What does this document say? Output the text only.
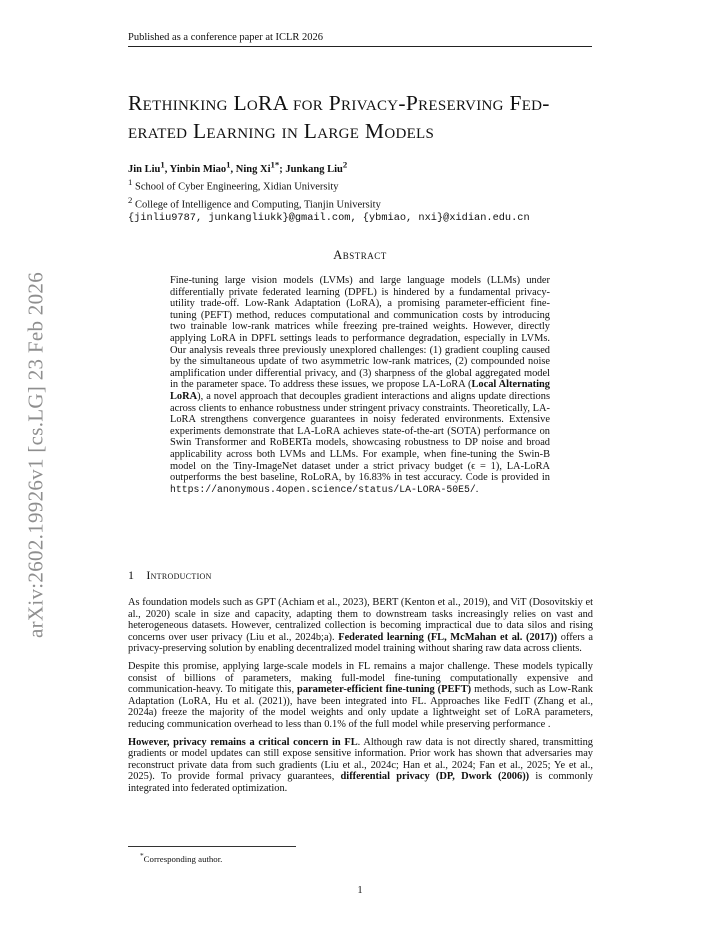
Published as a conference paper at ICLR 2026
arXiv:2602.19926v1 [cs.LG] 23 Feb 2026
Rethinking LoRA for Privacy-Preserving Fed-erated Learning in Large Models
Jin Liu$^1$, Yinbin Miao$^1$, Ning $Xi^{1*}$; Junkang Liu$^2$
$^1$ School of Cyber Engineering, Xidian University
$^2$ College of Intelligence and Computing, Tianjin University
{jinliu9787, junkangliukk}@gmail.com, {ybmiao, nxi}@xidian.edu.cn
Abstract
Fine-tuning large vision models (LVMs) and large language models (LLMs) under differentially private federated learning (DPFL) is hindered by a fundamental privacy-utility trade-off. Low-Rank Adaptation (LoRA), a promising parameter-efficient fine-tuning (PEFT) method, reduces computational and communication costs by introducing two trainable low-rank matrices while freezing pre-trained weights. However, directly applying LoRA in DPFL settings leads to performance degradation, especially in LVMs. Our analysis reveals three previously unexplored challenges: (1) gradient coupling caused by the simultaneous update of two asymmetric low-rank matrices, (2) compounded noise amplification under differential privacy, and (3) sharpness of the global aggregated model in the parameter space. To address these issues, we propose LA-LoRA (Local Alternating LoRA), a novel approach that decouples gradient interactions and aligns update directions across clients to enhance robustness under stringent privacy constraints. Theoretically, LA-LoRA strengthens convergence guarantees in noisy federated environments. Extensive experiments demonstrate that LA-LoRA achieves state-of-the-art (SOTA) performance on Swin Transformer and RoBERTa models, showcasing robustness to DP noise and broad applicability across both LVMs and LLMs. For example, when fine-tuning the Swin-B model on the Tiny-ImageNet dataset under a strict privacy budget (ϵ = 1), LA-LoRA outperforms the best baseline, RoLoRA, by 16.83% in test accuracy. Code is provided in https://anonymous.4open.science/status/LA-LORA-50E5/.
1 Introduction

As foundation models such as GPT (Achiam et al., 2023), BERT (Kenton et al., 2019), and ViT (Dosovitskiy et al., 2020) scale in size and capacity, adapting them to downstream tasks increasingly relies on vast and heterogeneous datasets. However, centralized collection is becoming impractical due to data silos and rising concerns over user privacy (Liu et al., 2024b;a). Federated learning (FL, McMahan et al. (2017)) offers a privacy-preserving solution by enabling decentralized model training without sharing raw data across clients.

Despite this promise, applying large-scale models in FL remains a major challenge. These models typically consist of billions of parameters, making full-model fine-tuning computationally expensive and communication-heavy. To mitigate this, parameter-efficient fine-tuning (PEFT) methods, such as Low-Rank Adaptation (LoRA, Hu et al. (2021)), have been integrated into FL. Approaches like FedIT (Zhang et al., 2024a) freeze the majority of the model weights and only update a lightweight set of LoRA parameters, reducing communication overhead to less than 0.1% of the full model while preserving performance .

However, privacy remains a critical concern in FL. Although raw data is not directly shared, transmitting gradients or model updates can still expose sensitive information. Prior work has shown that adversaries may reconstruct private data from such gradients (Liu et al., 2024c; Han et al., 2024; Fan et al., 2025; Ye et al., 2025). To provide formal privacy guarantees, differential privacy (DP, Dwork (2006)) is commonly integrated into federated optimization.

*Corresponding author.
1
